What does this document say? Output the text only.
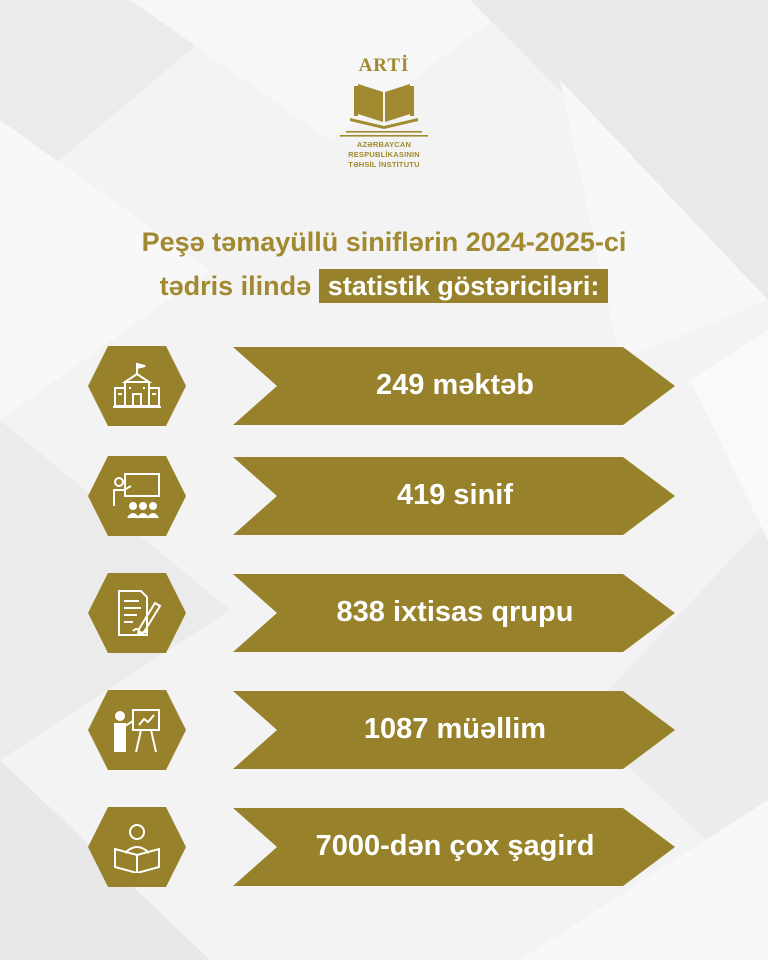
ARTİ
AZƏRBAYCAN RESPUBLİKASININ
TƏHSİL İNSTİTUTU
Peşə təmayüllü siniflərin 2024-2025-ci
tədris ilində statistik göstəriciləri:
249 məktəb
419 sinif
838 ixtisas qrupu
1087 müəllim
7000-dən çox şagird
